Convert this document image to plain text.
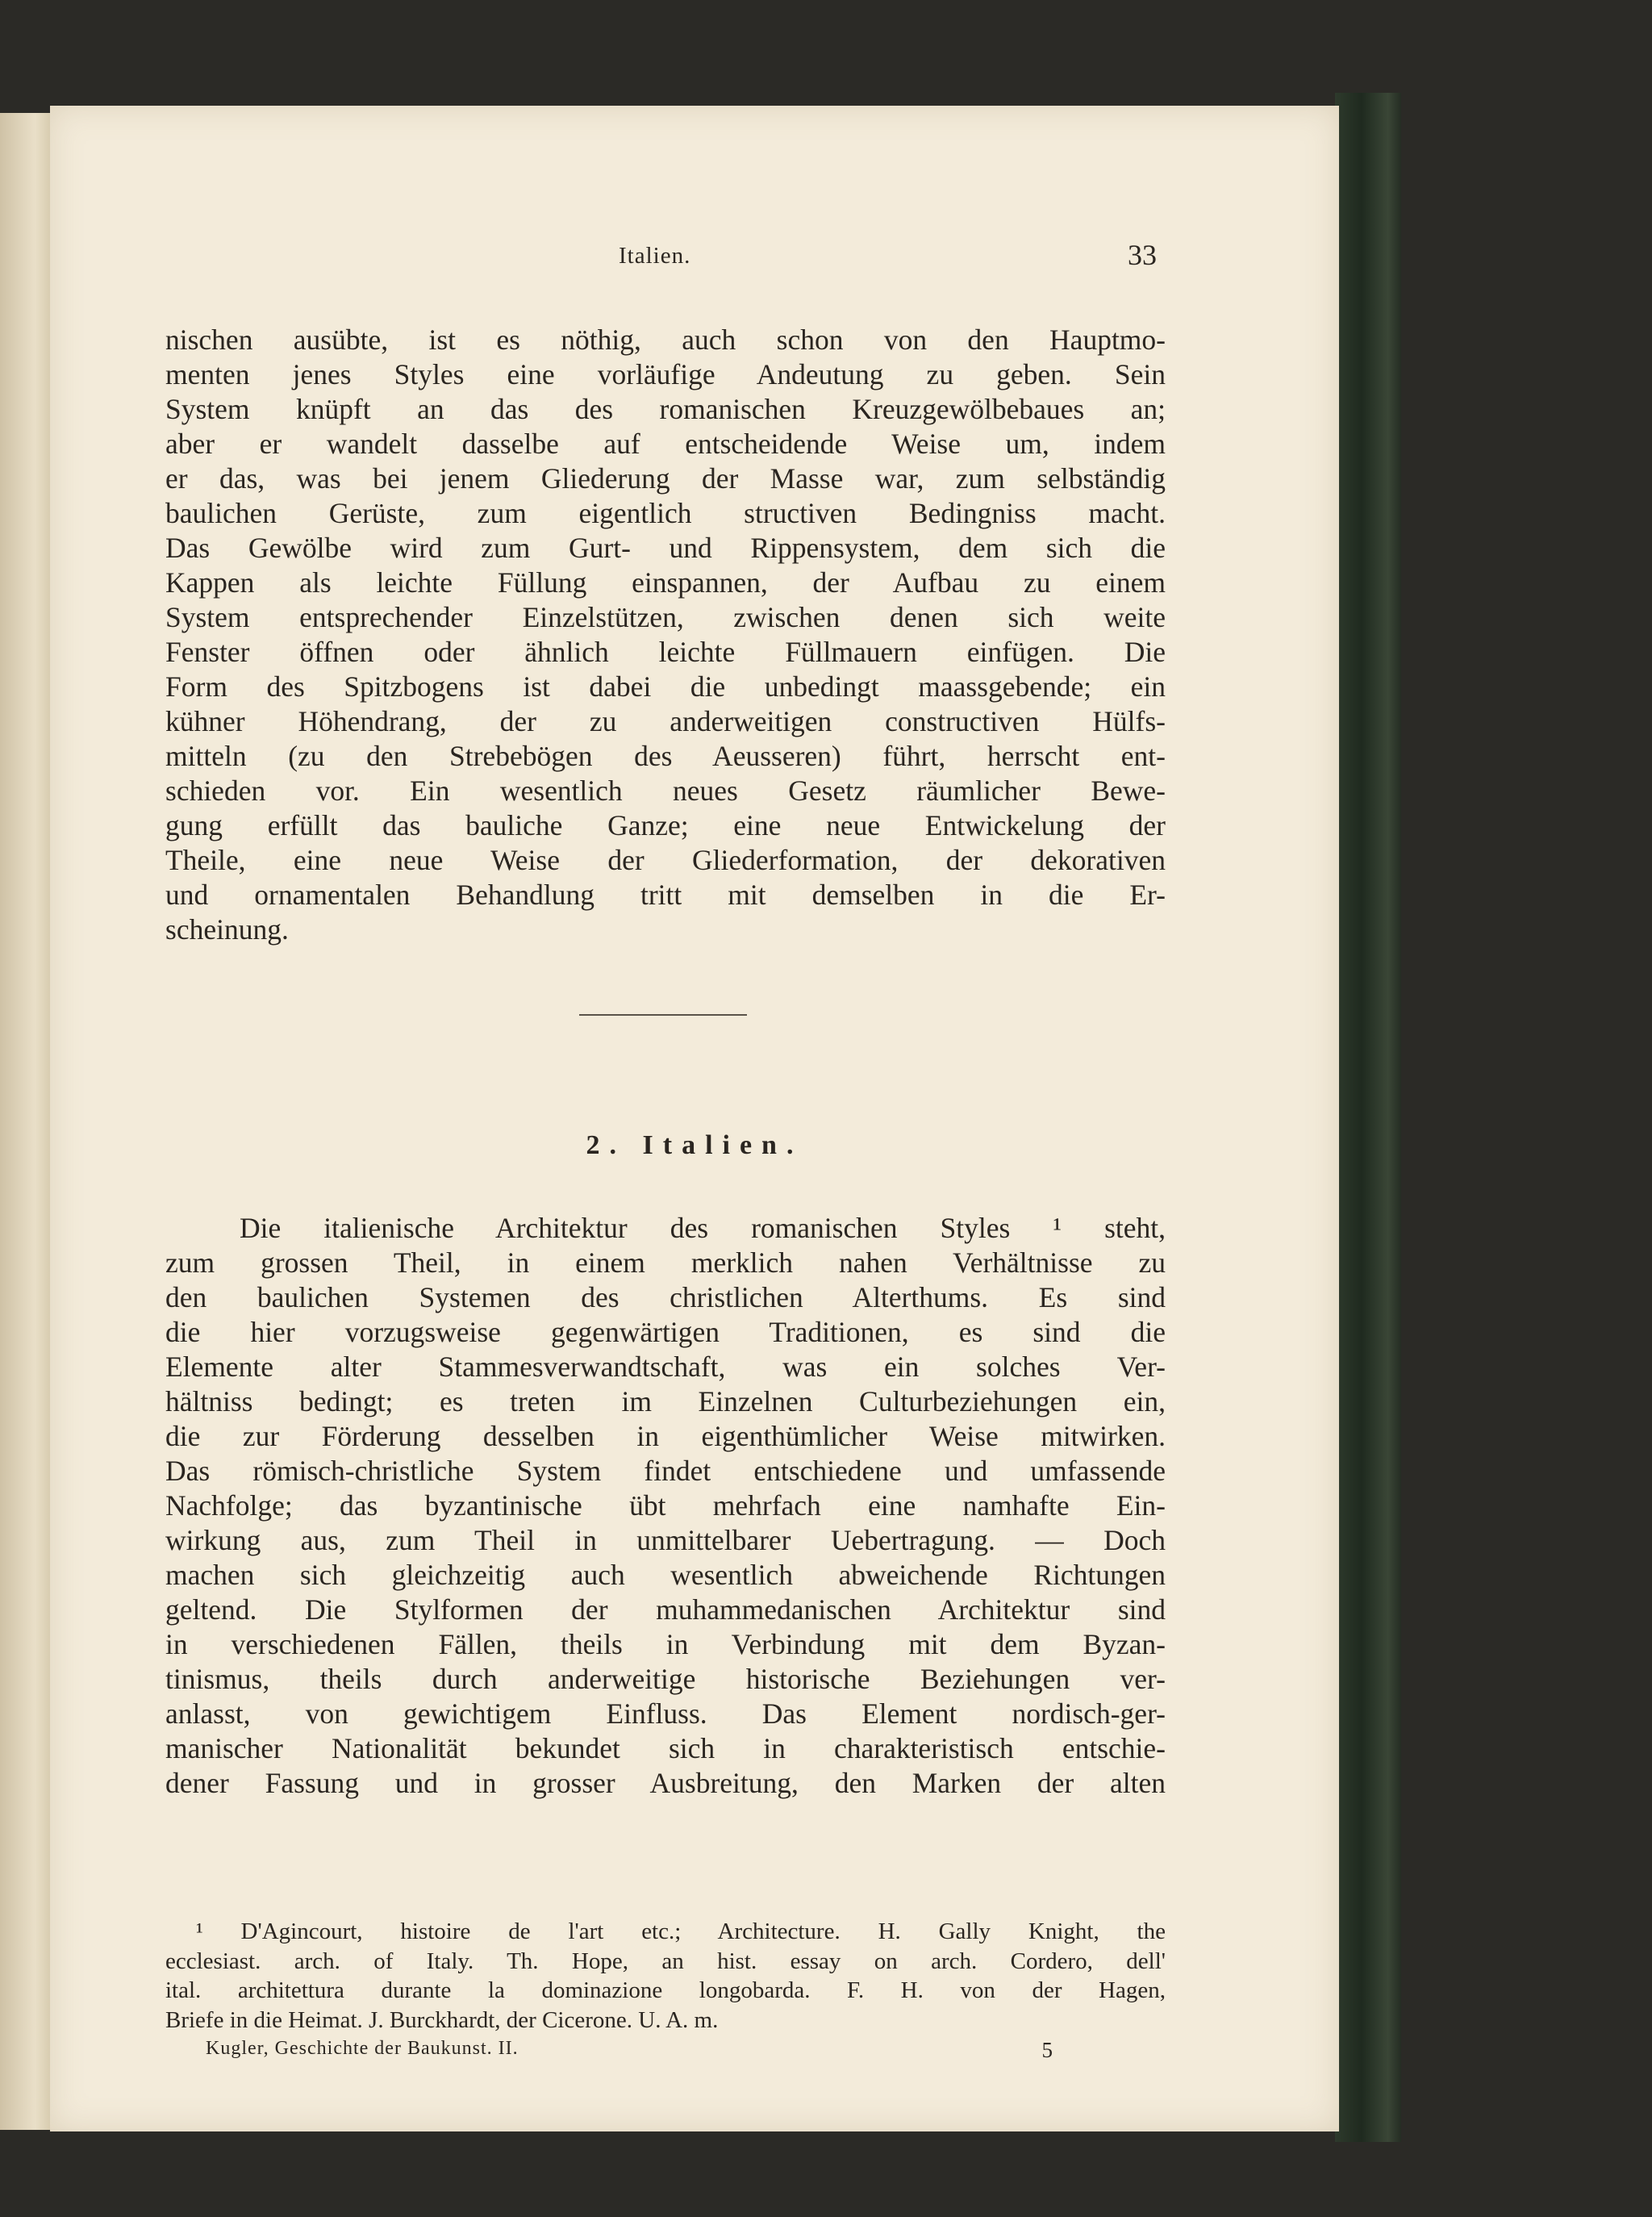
Italien.	33
nischen ausübte, ist es nöthig, auch schon von den Hauptmo-
menten jenes Styles eine vorläufige Andeutung zu geben. Sein
System knüpft an das des romanischen Kreuzgewölbebaues an;
aber er wandelt dasselbe auf entscheidende Weise um, indem
er das, was bei jenem Gliederung der Masse war, zum selbständig
baulichen Gerüste, zum eigentlich structiven Bedingniss macht.
Das Gewölbe wird zum Gurt- und Rippensystem, dem sich die
Kappen als leichte Füllung einspannen, der Aufbau zu einem
System entsprechender Einzelstützen, zwischen denen sich weite
Fenster öffnen oder ähnlich leichte Füllmauern einfügen. Die
Form des Spitzbogens ist dabei die unbedingt maassgebende; ein
kühner Höhendrang, der zu anderweitigen constructiven Hülfs-
mitteln (zu den Strebebögen des Aeusseren) führt, herrscht ent-
schieden vor. Ein wesentlich neues Gesetz räumlicher Bewe-
gung erfüllt das bauliche Ganze; eine neue Entwickelung der
Theile, eine neue Weise der Gliederformation, der dekorativen
und ornamentalen Behandlung tritt mit demselben in die Er-
scheinung.
2. Italien.
Die italienische Architektur des romanischen Styles ¹ steht,
zum grossen Theil, in einem merklich nahen Verhältnisse zu
den baulichen Systemen des christlichen Alterthums. Es sind
die hier vorzugsweise gegenwärtigen Traditionen, es sind die
Elemente alter Stammesverwandtschaft, was ein solches Ver-
hältniss bedingt; es treten im Einzelnen Culturbeziehungen ein,
die zur Förderung desselben in eigenthümlicher Weise mitwirken.
Das römisch-christliche System findet entschiedene und umfassende
Nachfolge; das byzantinische übt mehrfach eine namhafte Ein-
wirkung aus, zum Theil in unmittelbarer Uebertragung. — Doch
machen sich gleichzeitig auch wesentlich abweichende Richtungen
geltend. Die Stylformen der muhammedanischen Architektur sind
in verschiedenen Fällen, theils in Verbindung mit dem Byzan-
tinismus, theils durch anderweitige historische Beziehungen ver-
anlasst, von gewichtigem Einfluss. Das Element nordisch-ger-
manischer Nationalität bekundet sich in charakteristisch entschie-
dener Fassung und in grosser Ausbreitung, den Marken der alten
¹ D'Agincourt, histoire de l'art etc.; Architecture. H. Gally Knight, the
ecclesiast. arch. of Italy. Th. Hope, an hist. essay on arch. Cordero, dell'
ital. architettura durante la dominazione longobarda. F. H. von der Hagen,
Briefe in die Heimat. J. Burckhardt, der Cicerone. U. A. m.
Kugler, Geschichte der Baukunst. II.	5
